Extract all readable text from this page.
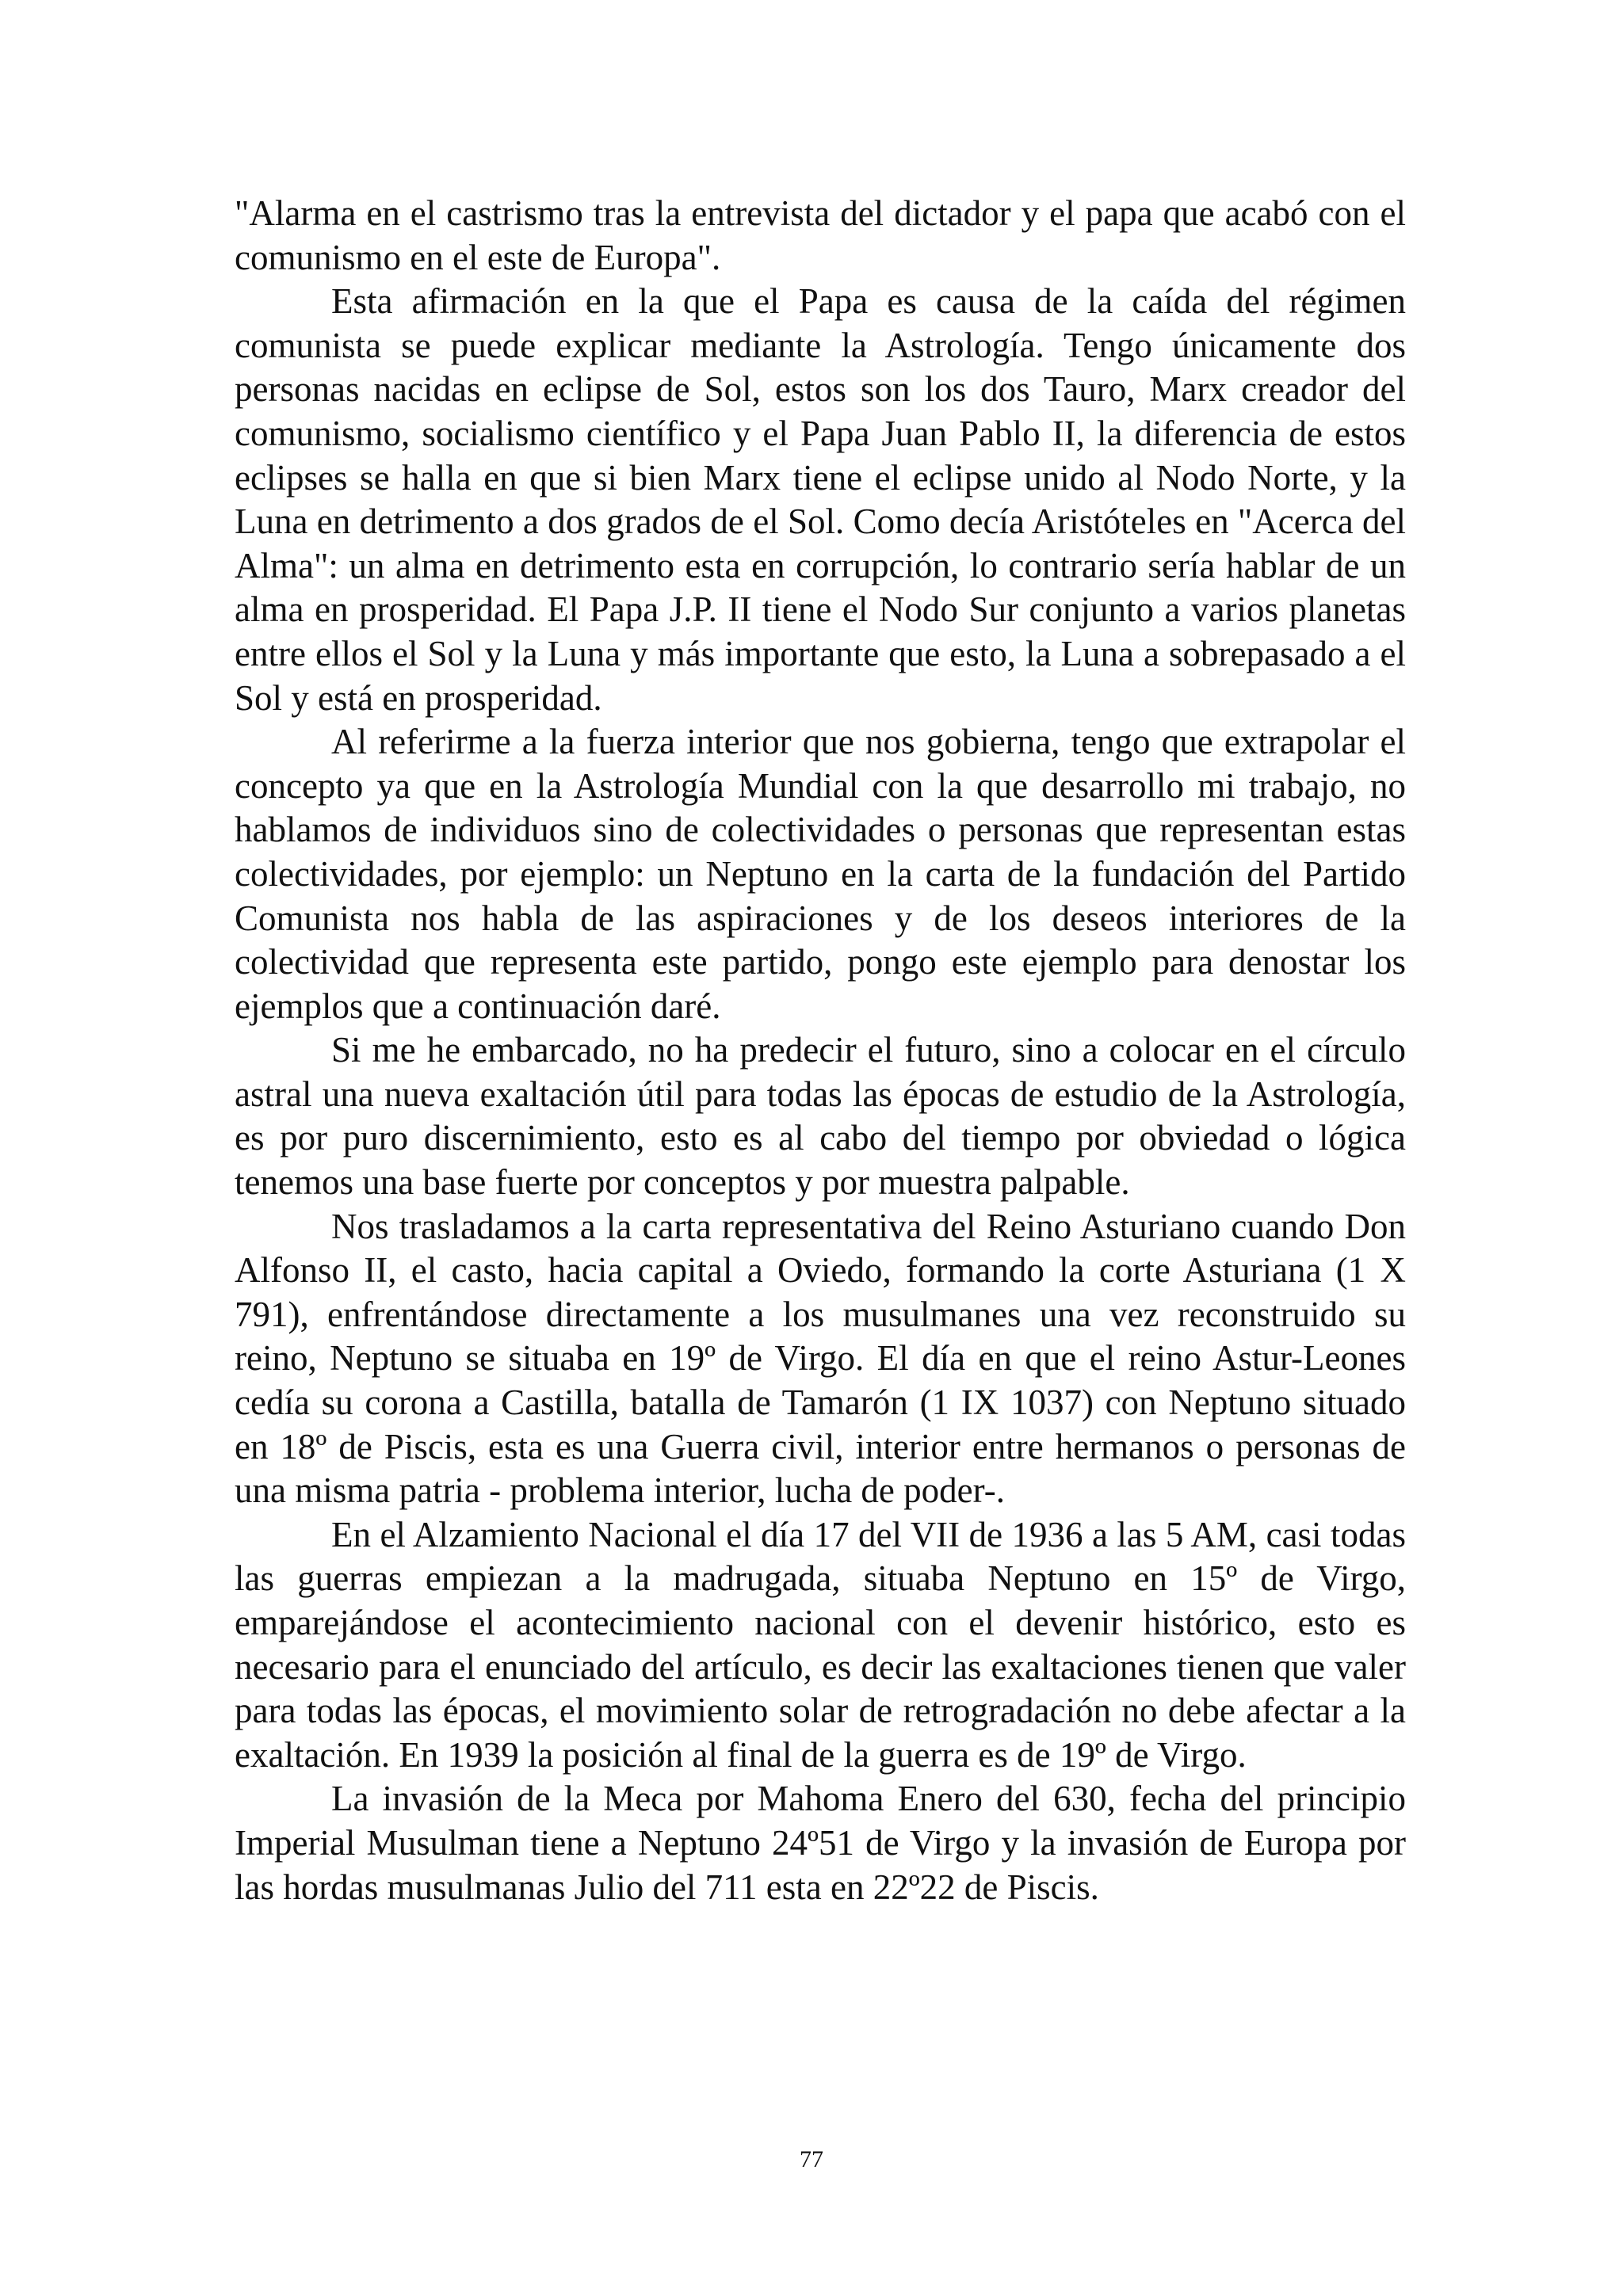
"Alarma en el castrismo tras la entrevista del dictador y el papa que acabó con el comunismo en el este de Europa".

Esta afirmación en la que el Papa es causa de la caída del régimen comunista se puede explicar mediante la Astrología. Tengo únicamente dos personas nacidas en eclipse de Sol, estos son los dos Tauro, Marx creador del comunismo, socialismo científico y el Papa Juan Pablo II, la diferencia de estos eclipses se halla en que si bien Marx tiene el eclipse unido al Nodo Norte, y la Luna en detrimento a dos grados de el Sol. Como decía Aristóteles en "Acerca del Alma": un alma en detrimento esta en corrupción, lo contrario sería hablar de un alma en prosperidad. El Papa J.P. II tiene el Nodo Sur conjunto a varios planetas entre ellos el Sol y la Luna y más importante que esto, la Luna a sobrepasado a el Sol y está en prosperidad.

Al referirme a la fuerza interior que nos gobierna, tengo que extrapolar el concepto ya que en la Astrología Mundial con la que desarrollo mi trabajo, no hablamos de individuos sino de colectividades o personas que representan estas colectividades, por ejemplo: un Neptuno en la carta de la fundación del Partido Comunista nos habla de las aspiraciones y de los deseos interiores de la colectividad que representa este partido, pongo este ejemplo para denostar los ejemplos que a continuación daré.

Si me he embarcado, no ha predecir el futuro, sino a colocar en el círculo astral una nueva exaltación útil para todas las épocas de estudio de la Astrología, es por puro discernimiento, esto es al cabo del tiempo por obviedad o lógica tenemos una base fuerte por conceptos y por muestra palpable.

Nos trasladamos a la carta representativa del Reino Asturiano cuando Don Alfonso II, el casto, hacia capital a Oviedo, formando la corte Asturiana (1 X 791), enfrentándose directamente a los musulmanes una vez reconstruido su reino, Neptuno se situaba en 19º de Virgo. El día en que el reino Astur-Leones cedía su corona a Castilla, batalla de Tamarón (1 IX 1037) con Neptuno situado en 18º de Piscis, esta es una Guerra civil, interior entre hermanos o personas de una misma patria - problema interior, lucha de poder-.

En el Alzamiento Nacional el día 17 del VII de 1936 a las 5 AM, casi todas las guerras empiezan a la madrugada, situaba Neptuno en 15º de Virgo, emparejándose el acontecimiento nacional con el devenir histórico, esto es necesario para el enunciado del artículo, es decir las exaltaciones tienen que valer para todas las épocas, el movimiento solar de retrogradación no debe afectar a la exaltación. En 1939 la posición al final de la guerra es de 19º de Virgo.

La invasión de la Meca por Mahoma Enero del 630, fecha del principio Imperial Musulman tiene a Neptuno 24º51 de Virgo y la invasión de Europa por las hordas musulmanas Julio del 711 esta en 22º22 de Piscis.

77
